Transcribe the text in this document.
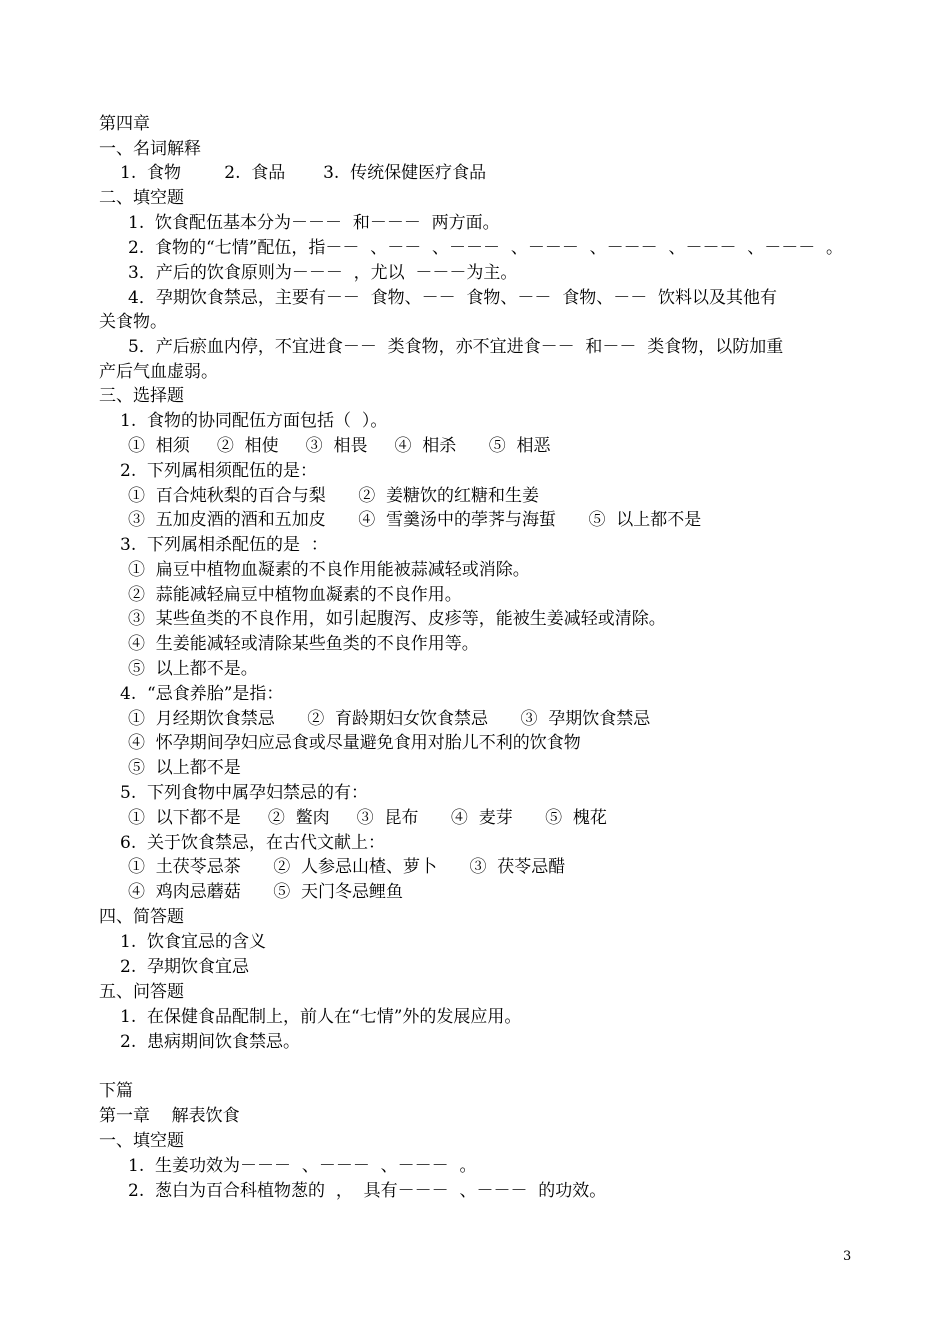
第四章
一、名词解释
1.  食物        2.  食品       3.  传统保健医疗食品
二、填空题
1.  饮食配伍基本分为－－－  和－－－  两方面。
2.  食物的“七情”配伍，指－－  、－－  、－－－  、－－－  、－－－  、－－－  、－－－  。
3．产后的饮食原则为－－－  ，尤以  －－－为主。
4．孕期饮食禁忌，主要有－－  食物、－－  食物、－－  食物、－－  饮料以及其他有
关食物。
5．产后瘀血内停，不宜进食－－  类食物，亦不宜进食－－  和－－  类食物，以防加重
产后气血虚弱。
三、选择题
1.  食物的协同配伍方面包括（  ）。
①  相须     ②  相使     ③  相畏     ④  相杀      ⑤  相恶
2.  下列属相须配伍的是：
①  百合炖秋梨的百合与梨      ②  姜糖饮的红糖和生姜
③  五加皮酒的酒和五加皮      ④  雪羹汤中的荸荠与海蜇      ⑤  以上都不是
3.  下列属相杀配伍的是  ：
①  扁豆中植物血凝素的不良作用能被蒜减轻或消除。
②  蒜能减轻扁豆中植物血凝素的不良作用。
③  某些鱼类的不良作用，如引起腹泻、皮疹等，能被生姜减轻或清除。
④  生姜能减轻或清除某些鱼类的不良作用等。
⑤  以上都不是。
4.  “忌食养胎”是指：
①  月经期饮食禁忌      ②  育龄期妇女饮食禁忌      ③  孕期饮食禁忌
④  怀孕期间孕妇应忌食或尽量避免食用对胎儿不利的饮食物
⑤  以上都不是
5.  下列食物中属孕妇禁忌的有：
①  以下都不是     ②  鳖肉     ③  昆布      ④  麦芽      ⑤  槐花
6.  关于饮食禁忌，在古代文献上：
①  土茯苓忌茶      ②  人参忌山楂、萝卜      ③  茯苓忌醋
④  鸡肉忌蘑菇      ⑤  天门冬忌鲤鱼
四、简答题
1.  饮食宜忌的含义
2.  孕期饮食宜忌
五、问答题
1.  在保健食品配制上，前人在“七情”外的发展应用。
2.  患病期间饮食禁忌。
下篇
第一章    解表饮食
一、填空题
1.  生姜功效为－－－  、－－－  、－－－  。
2.  葱白为百合科植物葱的  ，  具有－－－  、－－－  的功效。
3
